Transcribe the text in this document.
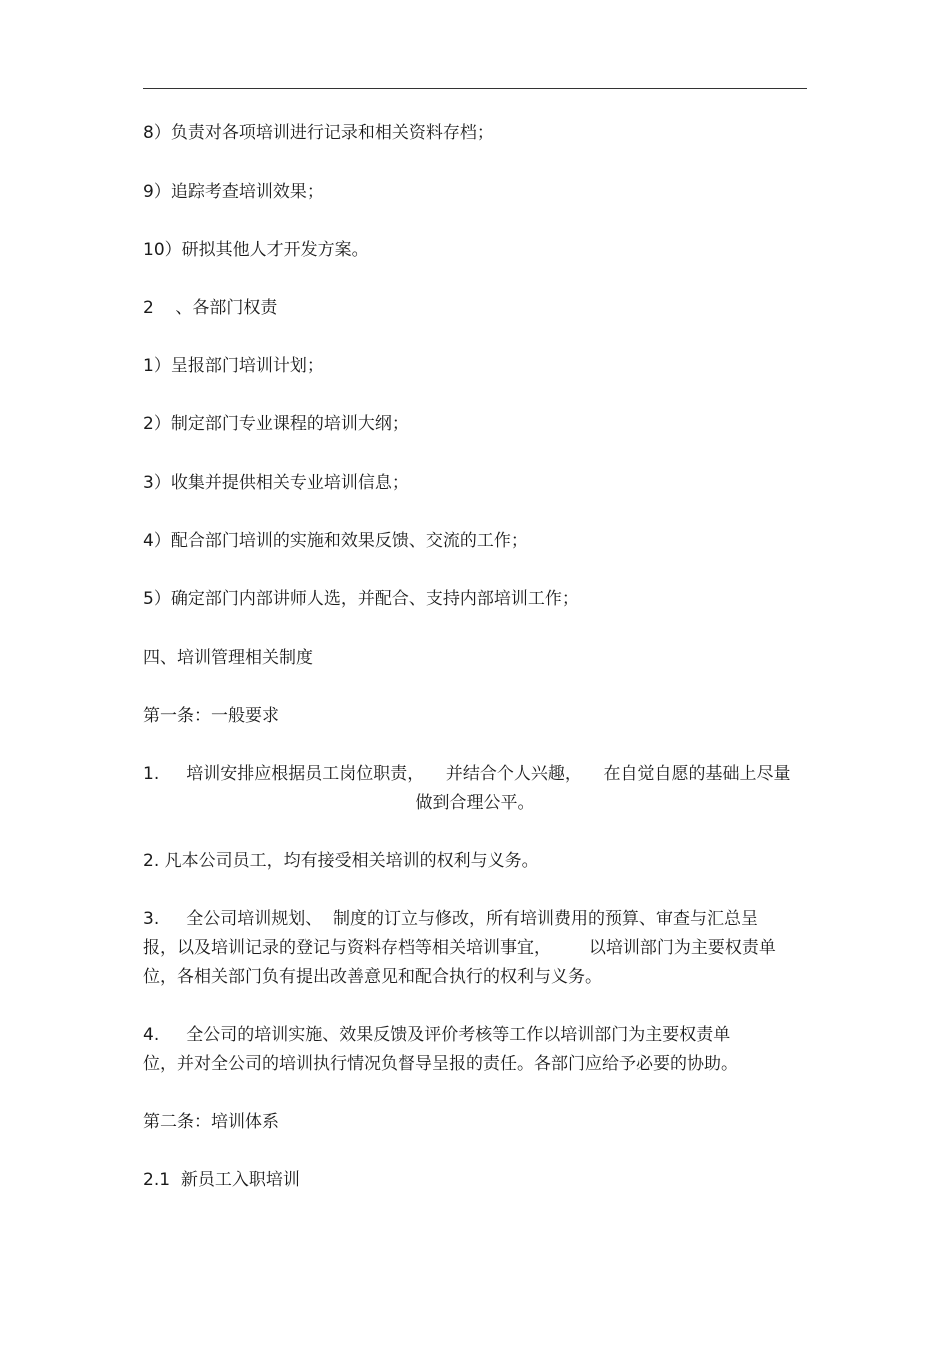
8）负责对各项培训进行记录和相关资料存档；
9）追踪考查培训效果；
10）研拟其他人才开发方案。
2    、各部门权责
1）呈报部门培训计划；
2）制定部门专业课程的培训大纲；
3）收集并提供相关专业培训信息；
4）配合部门培训的实施和效果反馈、交流的工作；
5）确定部门内部讲师人选，并配合、支持内部培训工作；
四、培训管理相关制度
第一条：一般要求
1.     培训安排应根据员工岗位职责，    并结合个人兴趣，    在自觉自愿的基础上尽量
做到合理公平。
2. 凡本公司员工，均有接受相关培训的权利与义务。
3.     全公司培训规划、  制度的订立与修改，所有培训费用的预算、审查与汇总呈
报，以及培训记录的登记与资料存档等相关培训事宜，       以培训部门为主要权责单
位，各相关部门负有提出改善意见和配合执行的权利与义务。
4.     全公司的培训实施、效果反馈及评价考核等工作以培训部门为主要权责单
位，并对全公司的培训执行情况负督导呈报的责任。各部门应给予必要的协助。
第二条：培训体系
2.1  新员工入职培训
